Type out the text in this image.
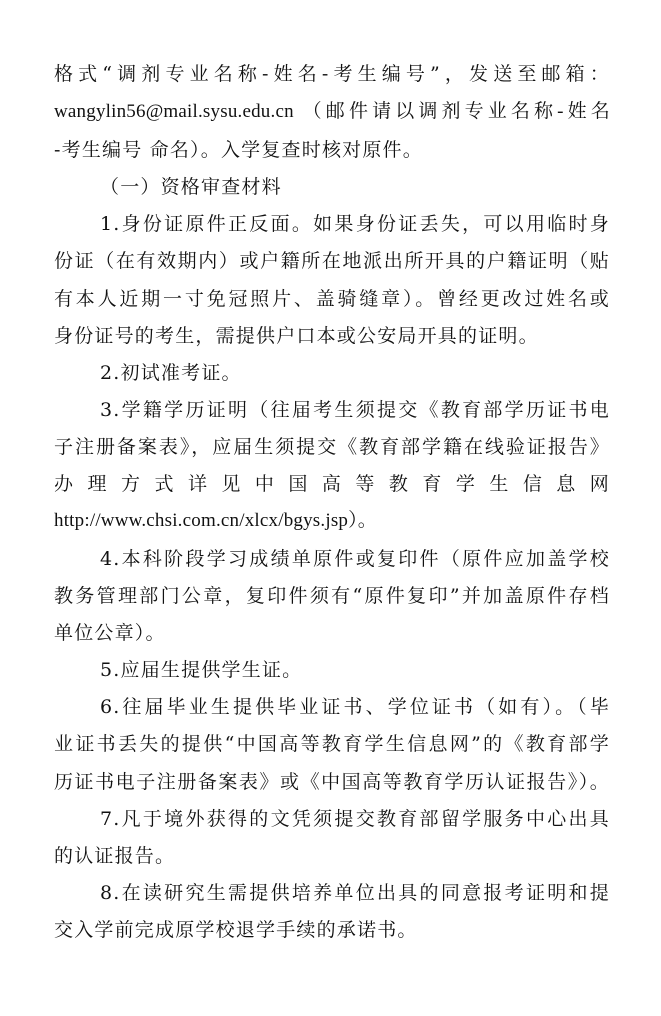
格式“调剂专业名称-姓名-考生编号”，发送至邮箱：
wangylin56@mail.sysu.edu.cn （邮件请以调剂专业名称-姓名
-考生编号 命名）。入学复查时核对原件。
（一）资格审查材料
1.身份证原件正反面。如果身份证丢失，可以用临时身
份证（在有效期内）或户籍所在地派出所开具的户籍证明（贴
有本人近期一寸免冠照片、盖骑缝章）。曾经更改过姓名或
身份证号的考生，需提供户口本或公安局开具的证明。
2.初试准考证。
3.学籍学历证明（往届考生须提交《教育部学历证书电
子注册备案表》，应届生须提交《教育部学籍在线验证报告》
办 理 方 式 详 见 中 国 高 等 教 育 学 生 信 息 网
http://www.chsi.com.cn/xlcx/bgys.jsp）。
4.本科阶段学习成绩单原件或复印件（原件应加盖学校
教务管理部门公章，复印件须有“原件复印”并加盖原件存档
单位公章）。
5.应届生提供学生证。
6.往届毕业生提供毕业证书、学位证书（如有）。（毕
业证书丢失的提供“中国高等教育学生信息网”的《教育部学
历证书电子注册备案表》或《中国高等教育学历认证报告》）。
7.凡于境外获得的文凭须提交教育部留学服务中心出具
的认证报告。
8.在读研究生需提供培养单位出具的同意报考证明和提
交入学前完成原学校退学手续的承诺书。
